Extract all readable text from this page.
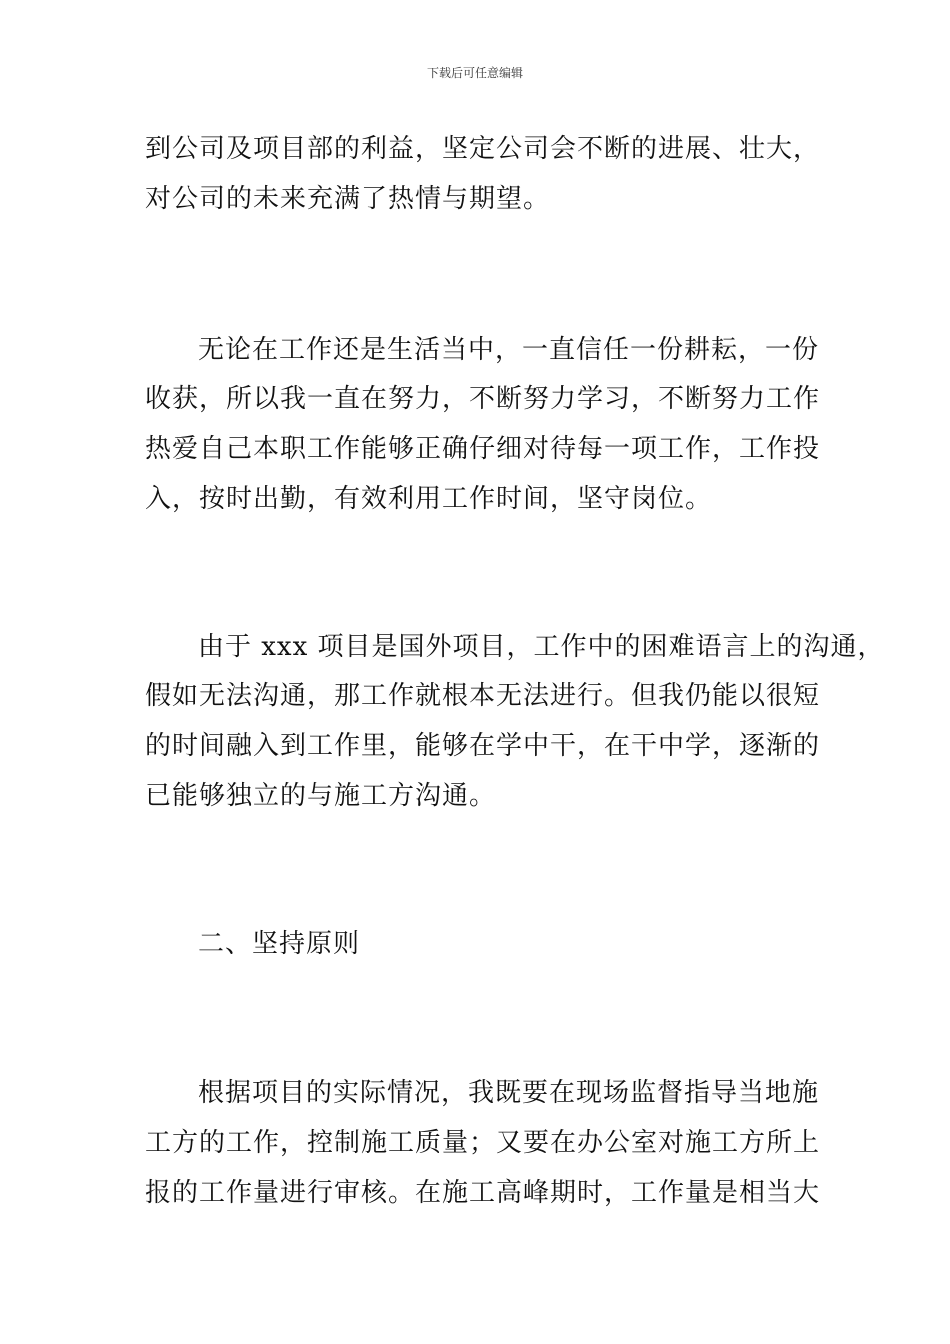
下载后可任意编辑
到公司及项目部的利益，坚定公司会不断的进展、壮大，
对公司的未来充满了热情与期望。
无论在工作还是生活当中，一直信任一份耕耘，一份
收获，所以我一直在努力，不断努力学习，不断努力工作
热爱自己本职工作能够正确仔细对待每一项工作，工作投
入，按时出勤，有效利用工作时间，坚守岗位。
由于 xxx 项目是国外项目，工作中的困难语言上的沟通，
假如无法沟通，那工作就根本无法进行。但我仍能以很短
的时间融入到工作里，能够在学中干，在干中学，逐渐的
已能够独立的与施工方沟通。
二、坚持原则
根据项目的实际情况，我既要在现场监督指导当地施
工方的工作，控制施工质量；又要在办公室对施工方所上
报的工作量进行审核。在施工高峰期时，工作量是相当大
